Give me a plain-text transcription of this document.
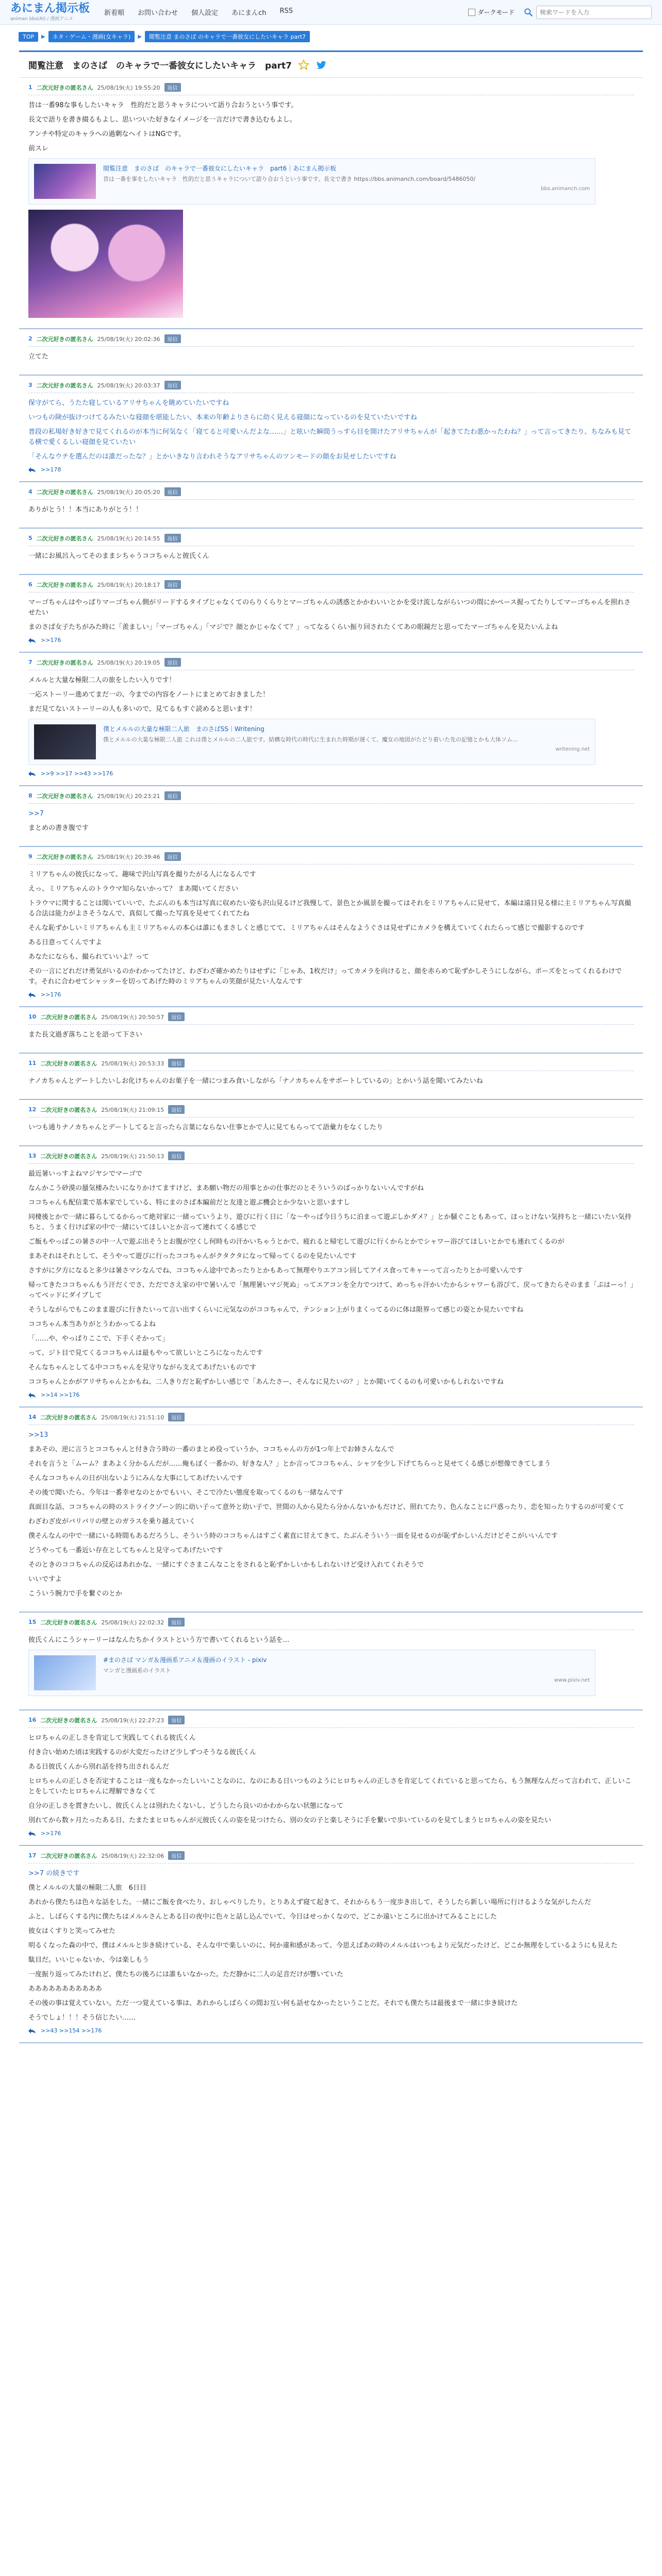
あにまん掲示板
animan bbs(AI) / 漫画アニメ
新着順 お問い合わせ 個人設定 あにまんch RSS	ダークモード
検索ワードを入力
TOP	▶	ネタ・ゲーム・漫画(女キャラ)	▶	閲覧注意 まのさば のキャラで一番彼女にしたいキャラ part7
閲覧注意　まのさば　のキャラで一番彼女にしたいキャラ　part7
1 二次元好きの匿名さん 25/08/19(火) 19:55:20	返信

昔は一番98な事もしたいキャラ　性的だと思うキャラについて語り合おうという事です。

長文で語りを書き綴るもよし、思いついた好きなイメージを一言だけで書き込むもよし。

アンチや特定のキャラへの過剰なヘイトはNGです。

前スレ

閲覧注意　まのさば　のキャラで一番彼女にしたいキャラ　part6｜あにまん掲示板
昔は一番を事をしたいキャラ　性的だと思うキャラについて語り合おうという事です。長文で書き https://bbs.animanch.com/board/5486050/
bbs.animanch.com
2 二次元好きの匿名さん 25/08/19(火) 20:02:36	返信

立てた

3 二次元好きの匿名さん 25/08/19(火) 20:03:37	返信

保守がてら、うたた寝しているアリサちゃんを眺めていたいですね

いつもの険が抜けつけてるみたいな寝顔を堪能したい、本来の年齢よりさらに幼く見える寝顔になっているのを見ていたいですね

普段の私場好き好きで見てくれるのが本当に何気なく「寝てると可愛いんだよな……」と呟いた瞬間うっすら目を開けたアリサちゃんが「起きてたわ悪かったわね？」って言ってきたり、ちなみも見てる横で愛くるしい寝顔を見ていたい

「そんなウチを選んだのは誰だったな？」とかいきなり言われそうなアリサちゃんのツンモードの顔をお見せしたいですね

>>178
4 二次元好きの匿名さん 25/08/19(火) 20:05:20	返信

ありがとう！！本当にありがとう！！

5 二次元好きの匿名さん 25/08/19(火) 20:14:55	返信

一緒にお風呂入ってそのままシちゃうココちゃんと彼氏くん

6 二次元好きの匿名さん 25/08/19(火) 20:18:17	返信

マーゴちゃんはやっぱりマーゴちゃん側がリードするタイプじゃなくてのらりくらりとマーゴちゃんの誘惑とかかわいいとかを受け流しながらいつの間にかペース握ってたりしてマーゴちゃんを照れさせたい

まのさば女子たちがみた時に「羨ましい」「マーゴちゃん」「マジで？顔とかじゃなくて？」ってなるくらい振り回されたくてあの眼鏡だと思ってたマーゴちゃんを見たいんよね

>>176
7 二次元好きの匿名さん 25/08/19(火) 20:19:05	返信

メルルと大量な極限二人の旅をしたい入りです！

一応ストーリー進めてまだ一の、今までの内容をノートにまとめておきました！

まだ見てないストーリーの人も多いので、見てるもすぐ読めると思います！

僕とメルルの大量な極限二人旅　まのさばSS｜Writening
僕とメルルの大量な極限二人旅 これは僕とメルルの二人旅です。結構な時代の時代に生まれた時期が遅くて、魔女の地図がたどり着いた先の記憶とかも大体ソム...
writening.net
>>9 >>17 >>43 >>176
8 二次元好きの匿名さん 25/08/19(火) 20:23:21	返信

>>7

まとめの書き腹です

9 二次元好きの匿名さん 25/08/19(火) 20:39:46	返信

ミリアちゃんの彼氏になって、趣味で沢山写真を撮りたがる人になるんです

えっ、ミリアちゃんのトラウマ知らないかって？ まあ聞いてください

トラウマに関することは聞いていいで、たぶんのも本当は写真に収めたい姿も沢山見るけど我慢して、景色とか風景を撮ってはそれをミリアちゃんに見せて、本編は遠目見る様に主ミリアちゃん写真撮る合法は能力がよさそうなんで、真似して撮った写真を見せてくれてたね

そんな恥ずかしいミリアちゃんも主ミリアちゃんの本心は誰にもまさしくと感じてて、ミリアちゃんはそんなようぐさは見せずにカメラを構えていてくれたらって感じで撮影するのです

ある日意ってくんですよ

あなたにならも、撮られていいよ？って

その一言にどれだけ勇気がいるのかわかってたけど、わざわざ確かめたりはせずに「じゃあ、1枚だけ」ってカメラを向けると、顔を赤らめて恥ずかしそうにしながら、ポーズをとってくれるわけです。それに合わせてシャッターを切ってあげた時のミリアちゃんの笑顔が見たい人なんです

>>176
10 二次元好きの匿名さん 25/08/19(火) 20:50:57	返信

また長文過ぎ落ちことを語って下さい

11 二次元好きの匿名さん 25/08/19(火) 20:53:33	返信

ナノカちゃんとデートしたいしお化けちゃんのお菓子を一緒につまみ食いしながら「ナノカちゃんをサポートしているの」とかいう話を聞いてみたいね

12 二次元好きの匿名さん 25/08/19(火) 21:09:15	返信

いつも通りナノカちゃんとデートしてると言ったら言葉にならない仕事とかで人に見てもらってて語彙力をなくしたり

13 二次元好きの匿名さん 25/08/19(火) 21:50:13	返信

最近暑いっすよねマジヤシでマーゴで

なんかこう砂漠の蜃気楼みたいになりかけてますけど、まあ願い物だの用事とかの仕事だのとそういうのばっかりないいんですがね

ココちゃんも配信業で基本家でしている、特にまのさば本編前だと友達と遊ぶ機会とか少ないと思いますし

同棲後とかで一緒に暮らしてるからって絶対家に一緒っていうより、遊びに行く日に「な〜やっぱ今日うちに泊まって遊ぶしかダメ？」とか騒ぐこともあって、ほっとけない気持ちと一緒にいたい気持ちと、うまく行けば家の中で一緒にいてほしいとか言って連れてくる感じで

ご飯もやっぱこの暑さの中一人で遊ぶ出そうとお腹が空くし何時もの汗かいちゃうとかで、疲れると帰宅して遊びに行くからとかでシャワー浴びてほしいとかでも連れてくるのが

まあそれはそれとして、そうやって遊びに行ったココちゃんがクタクタになって帰ってくるのを見たいんです

さすがに夕方になると多少は暑さマシなんでね、ココちゃん途中であったりとかもあって無理やりエアコン回してアイス食ってキャーって言ったりとか可愛いんです

帰ってきたココちゃんもう汗だくでさ、ただでさえ家の中で暑いんで「無理暑いマジ死ぬ」ってエアコンを全力でつけて、めっちゃ汗かいたからシャワーも浴びて、戻ってきたらそのまま「ぷはーっ！」ってベッドにダイブして

そうしながらでもこのまま遊びに行きたいって言い出すくらいに元気なのがココちゃんで、テンション上がりまくってるのに体は限界って感じの姿とか見たいですね

ココちゃん本当ありがとうわかってるよね

「……や、やっぱりここで、下手くそかって」

って、ジト目で見てくるココちゃんは最もやって欲しいところになったんです

そんなちゃんとしてる中ココちゃんを見守りながら支えてあげたいものです

ココちゃんとかがアリサちゃんとかもね、二人きりだと恥ずかしい感じで「あんたさー、そんなに見たいの？」とか聞いてくるのも可愛いかもしれないですね

>>14 >>176
14 二次元好きの匿名さん 25/08/19(火) 21:51:10	返信

>>13

まあその、逆に言うとココちゃんと付き合う時の一番のまとめ役っていうか、ココちゃんの方が1つ年上でお姉さんなんで

それを言うと「ムーム？まあよく分かるんだが……俺もぼく一番かの、好きな人？」とか言ってココちゃん、シャツを少し下げてちらっと見せてくる感じが想像できてしまう

そんなココちゃんの日が出ないようにみんな大事にしてあげたいんです

その後で聞いたら、今年は一番幸せなのとかでもいい、そこで冷たい態度を取ってくるのも一緒なんです

真面目な話、ココちゃんの時のストライクゾーン的に幼い子って意外と幼い子で、世間の人から見たら分かんないかもだけど、照れてたり、色んなことに戸惑ったり、恋を知ったりするのが可愛くて

わざわざ皮がバリバリの壁とのガラスを乗り越えていく

僕そんなんの中で一緒にいる時間もあるだろうし、そういう時のココちゃんはすごく素直に甘えてきて、たぶんそういう一面を見せるのが恥ずかしいんだけどそこがいいんです

どうやっても一番近い存在としてちゃんと見守ってあげたいです

そのときのココちゃんの反応はあれかな、一緒にすぐさまこんなことをされると恥ずかしいかもしれないけど受け入れてくれそうで

いいですよ

こういう腕力で手を繋ぐのとか

15 二次元好きの匿名さん 25/08/19(火) 22:02:32	返信

彼氏くんにこうシャーリーはなんたちかイラストという方で書いてくれるという話を…

#まのさば マンガ＆漫画系アニメ＆漫画のイラスト - pixiv
マンガと漫画系のイラスト
www.pixiv.net
16 二次元好きの匿名さん 25/08/19(火) 22:27:23	返信

ヒロちゃんの正しさを肯定して実践してくれる彼氏くん

付き合い始めた頃は実践するのが大変だったけど少しずつそうなる彼氏くん

ある日彼氏くんから別れ話を持ち出されるんだ

ヒロちゃんの正しさを否定することは一度もなかったしいいことなのに、なのにある日いつものようにヒロちゃんの正しさを肯定してくれていると思ってたら、もう無理なんだって言われて、正しいことをしていたヒロちゃんに理解できなくて

自分の正しさを貫きたいし、彼氏くんとは別れたくないし、どうしたら良いのかわからない状態になって

別れてから数ヶ月たったある日、たまたまヒロちゃんが元彼氏くんの姿を見つけたら、別の女の子と楽しそうに手を繋いで歩いているのを見てしまうヒロちゃんの姿を見たい

>>176
17 二次元好きの匿名さん 25/08/19(火) 22:32:06	返信

>>7 の続きです

僕とメルルの大量の極限二人旅　6日目

あれから僕たちは色々な話をした。一緒にご飯を食べたり、おしゃべりしたり。とりあえず寝て起きて、それからもう一度歩き出して、そうしたら新しい場所に行けるような気がしたんだ

ふと、しばらくする内に僕たちはメルルさんとある日の夜中に色々と話し込んでいて、今日はせっかくなので、どこか遠いところに出かけてみることにした

彼女はくすりと笑ってみせた

明るくなった森の中で、僕はメルルと歩き続けている、そんな中で楽しいのに、何か違和感があって、今思えばあの時のメルルはいつもより元気だったけど、どこか無理をしているようにも見えた

駄目だ。いいじゃないか、今は楽しもう

一度振り返ってみたけれど、僕たちの後ろには誰もいなかった。ただ静かに二人の足音だけが響いていた

あああああああああああ

その後の事は覚えていない。ただ一つ覚えている事は、あれからしばらくの間お互い何も話せなかったということだ。それでも僕たちは最後まで一緒に歩き続けた

そうでしょ！！！そう信じたい……

>>43 >>154 >>176
